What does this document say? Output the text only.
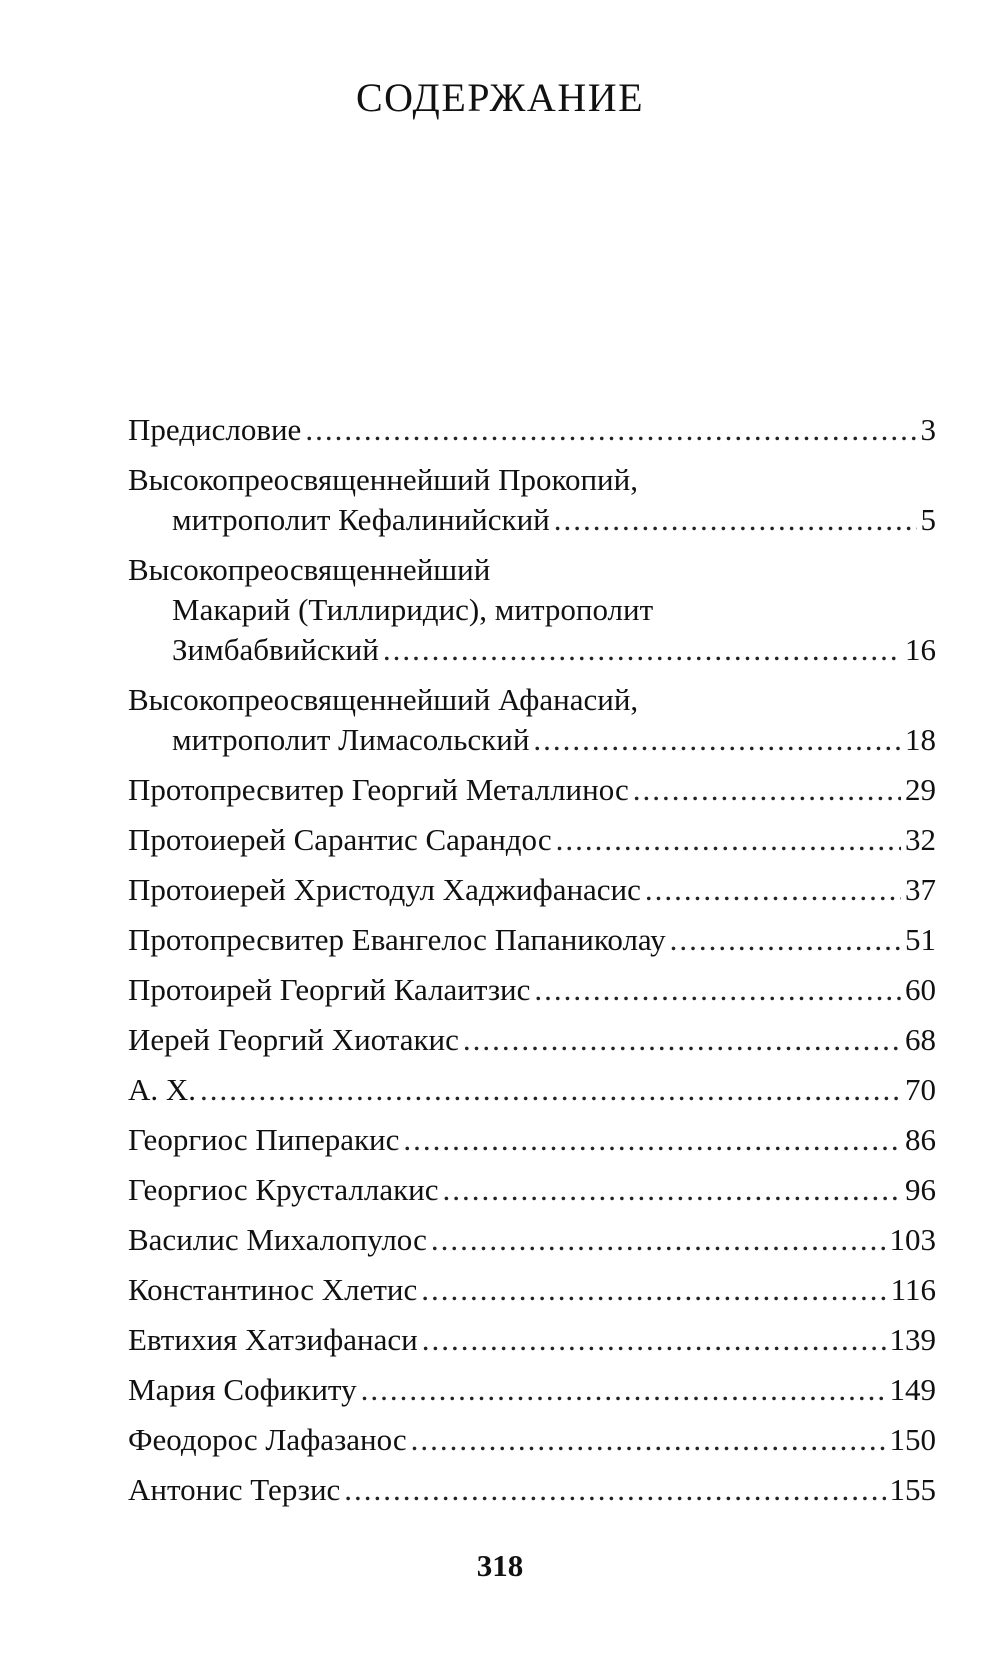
СОДЕРЖАНИЕ
Предисловие .....	3
Высокопреосвященнейший Прокопий,
митрополит Кефалинийский .....	5
Высокопреосвященнейший
Макарий (Тиллиридис), митрополит
Зимбабвийский .....	16
Высокопреосвященнейший Афанасий,
митрополит Лимасольский .....	18
Протопресвитер Георгий Металлинос .....	29
Протоиерей Сарантис Сарандос .....	32
Протоиерей Христодул Хаджифанасис .....	37
Протопресвитер Евангелос Папаниколау .....	51
Протоирей Георгий Калаитзис .....	60
Иерей Георгий Хиотакис .....	68
А. Х. .....	70
Георгиос Пиперакис .....	86
Георгиос Крусталлакис .....	96
Василис Михалопулос .....	103
Константинос Хлетис .....	116
Евтихия Хатзифанаси .....	139
Мария Софикиту .....	149
Феодорос Лафазанос .....	150
Антонис Терзис .....	155
318
